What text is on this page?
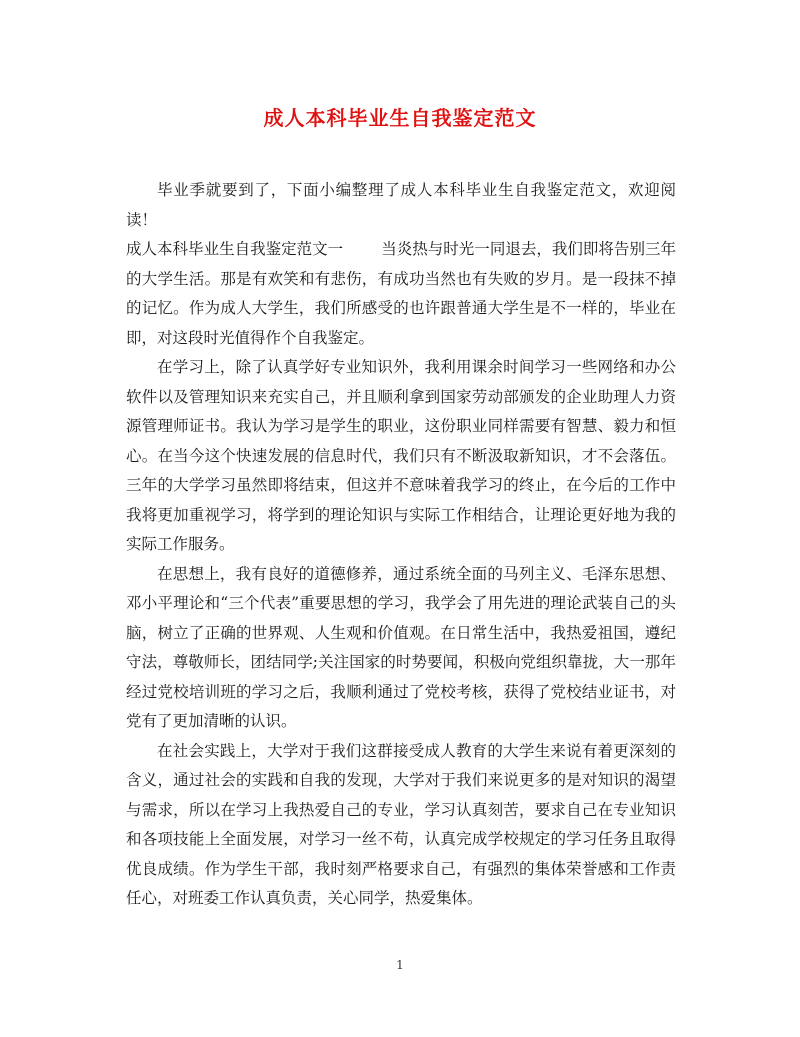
成人本科毕业生自我鉴定范文

毕业季就要到了，下面小编整理了成人本科毕业生自我鉴定范文，欢迎阅读！

成人本科毕业生自我鉴定范文一 当炎热与时光一同退去，我们即将告别三年的大学生活。那是有欢笑和有悲伤，有成功当然也有失败的岁月。是一段抹不掉的记忆。作为成人大学生，我们所感受的也许跟普通大学生是不一样的，毕业在即，对这段时光值得作个自我鉴定。

在学习上，除了认真学好专业知识外，我利用课余时间学习一些网络和办公软件以及管理知识来充实自己，并且顺利拿到国家劳动部颁发的企业助理人力资源管理师证书。我认为学习是学生的职业，这份职业同样需要有智慧、毅力和恒心。在当今这个快速发展的信息时代，我们只有不断汲取新知识，才不会落伍。三年的大学学习虽然即将结束，但这并不意味着我学习的终止，在今后的工作中我将更加重视学习，将学到的理论知识与实际工作相结合，让理论更好地为我的实际工作服务。

在思想上，我有良好的道德修养，通过系统全面的马列主义、毛泽东思想、邓小平理论和“三个代表”重要思想的学习，我学会了用先进的理论武装自己的头脑，树立了正确的世界观、人生观和价值观。在日常生活中，我热爱祖国，遵纪守法，尊敬师长，团结同学;关注国家的时势要闻，积极向党组织靠拢，大一那年经过党校培训班的学习之后，我顺利通过了党校考核，获得了党校结业证书，对党有了更加清晰的认识。

在社会实践上，大学对于我们这群接受成人教育的大学生来说有着更深刻的含义，通过社会的实践和自我的发现，大学对于我们来说更多的是对知识的渴望与需求，所以在学习上我热爱自己的专业，学习认真刻苦，要求自己在专业知识和各项技能上全面发展，对学习一丝不苟，认真完成学校规定的学习任务且取得优良成绩。作为学生干部，我时刻严格要求自己，有强烈的集体荣誉感和工作责任心，对班委工作认真负责，关心同学，热爱集体。

1
